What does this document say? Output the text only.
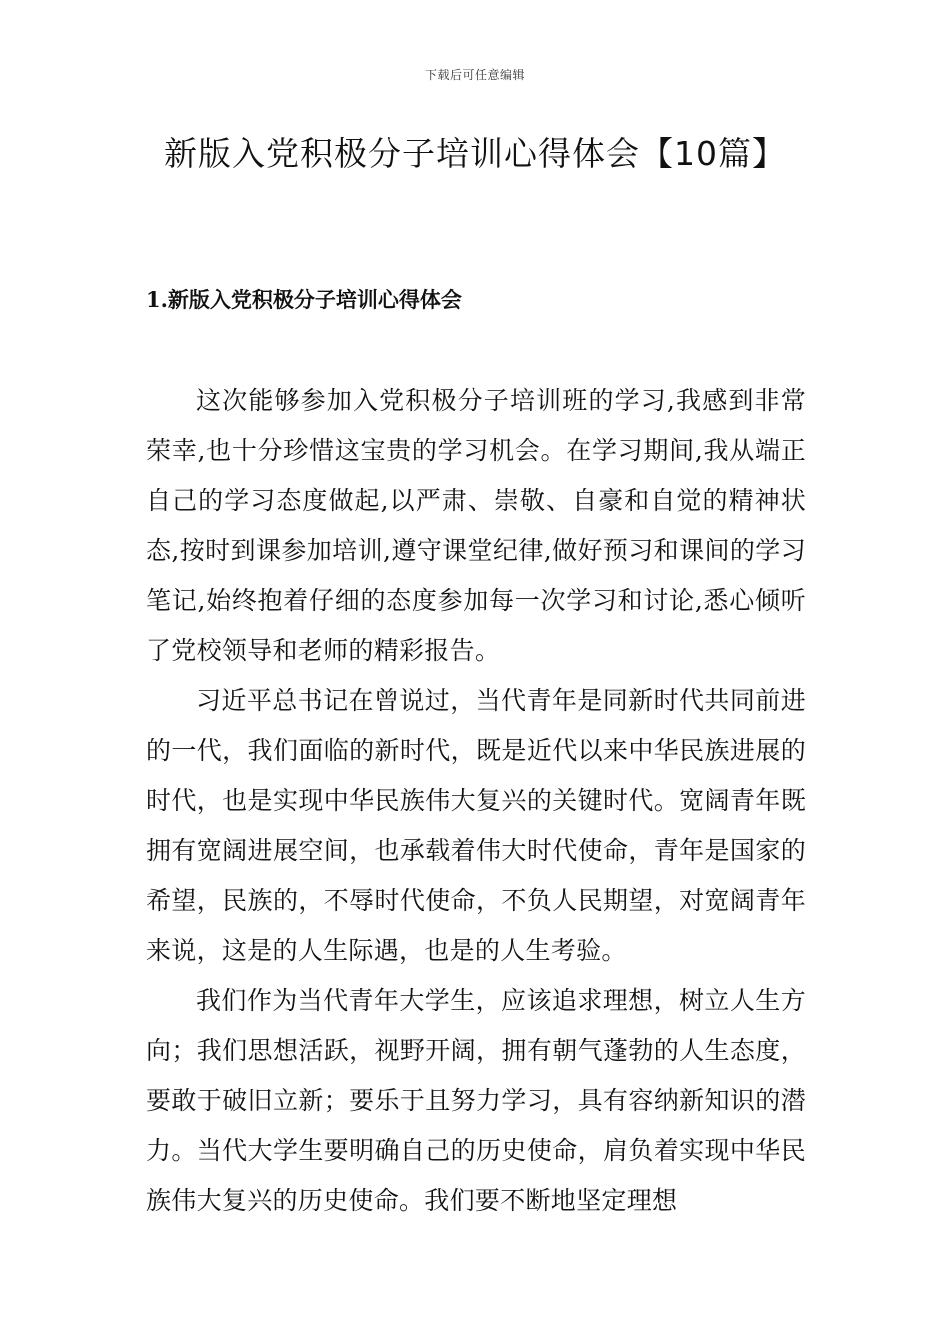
下载后可任意编辑
新版入党积极分子培训心得体会【10篇】
1.新版入党积极分子培训心得体会

这次能够参加入党积极分子培训班的学习,我感到非常荣幸,也十分珍惜这宝贵的学习机会。在学习期间,我从端正自己的学习态度做起,以严肃、崇敬、自豪和自觉的精神状态,按时到课参加培训,遵守课堂纪律,做好预习和课间的学习笔记,始终抱着仔细的态度参加每一次学习和讨论,悉心倾听了党校领导和老师的精彩报告。

习近平总书记在曾说过，当代青年是同新时代共同前进的一代，我们面临的新时代，既是近代以来中华民族进展的时代，也是实现中华民族伟大复兴的关键时代。宽阔青年既拥有宽阔进展空间，也承载着伟大时代使命，青年是国家的希望，民族的，不辱时代使命，不负人民期望，对宽阔青年来说，这是的人生际遇，也是的人生考验。

我们作为当代青年大学生，应该追求理想，树立人生方向；我们思想活跃，视野开阔，拥有朝气蓬勃的人生态度，要敢于破旧立新；要乐于且努力学习，具有容纳新知识的潜力。当代大学生要明确自己的历史使命，肩负着实现中华民族伟大复兴的历史使命。我们要不断地坚定理想
